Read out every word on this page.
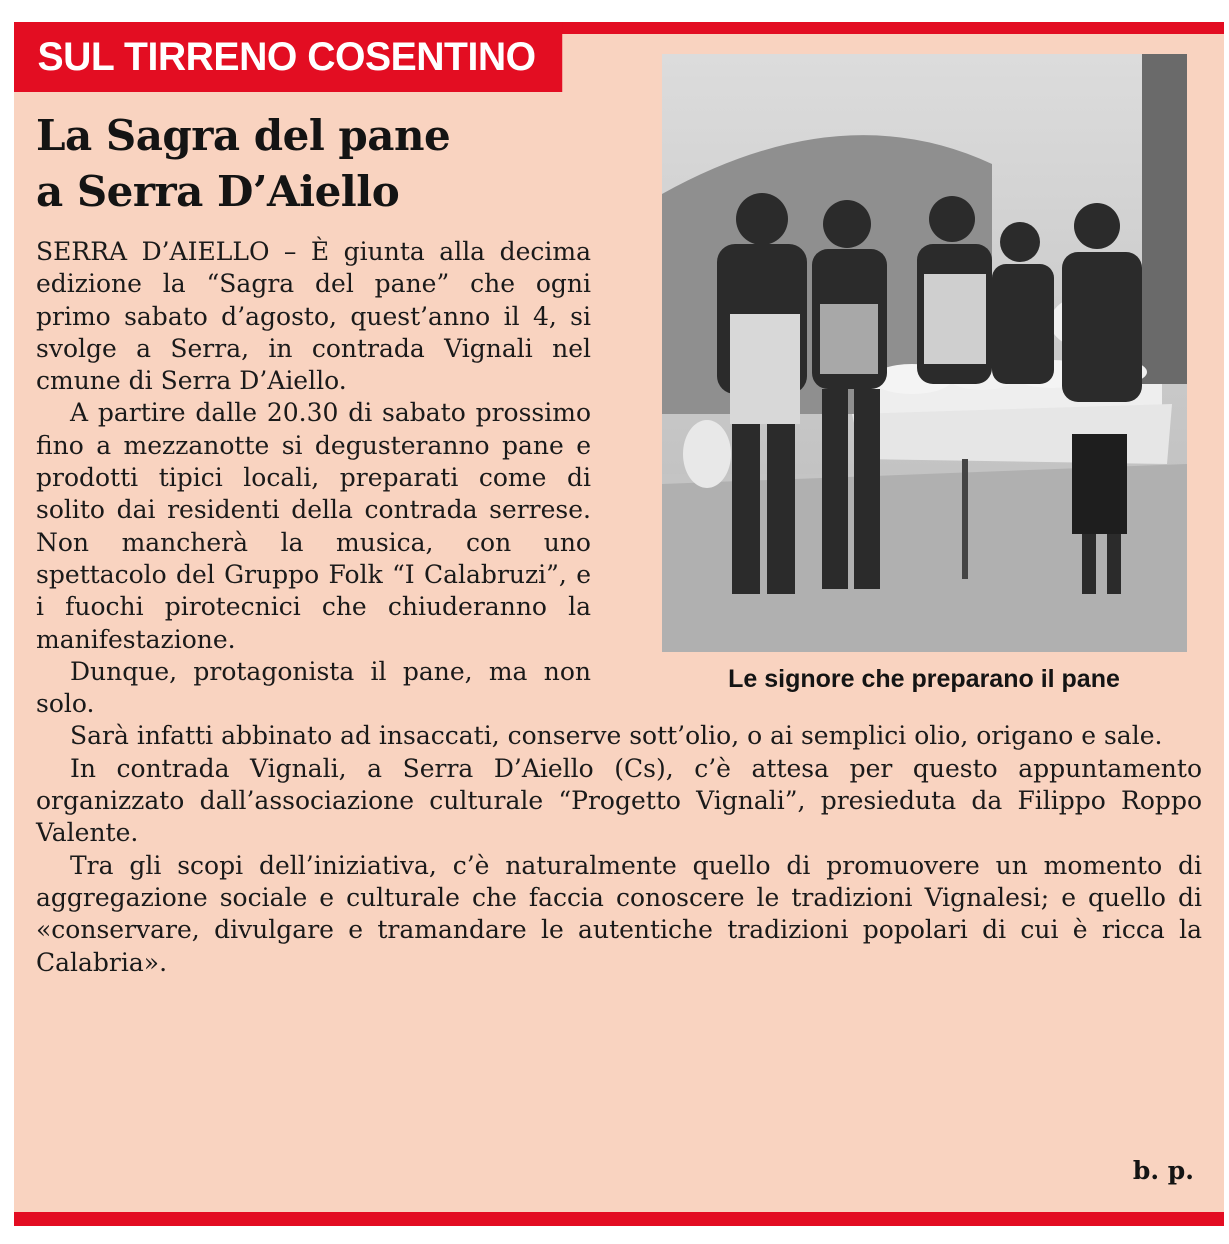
SUL TIRRENO COSENTINO
La Sagra del pane
a Serra D’Aiello
Le signore che preparano il pane

SERRA D’AIELLO – È giunta alla decima edizione la “Sagra del pane” che ogni primo sabato d’agosto, quest’anno il 4, si svolge a Serra, in contrada Vignali nel cmune di Serra D’Aiello.

A partire dalle 20.30 di sabato prossimo fino a mezzanotte si degusteranno pane e prodotti tipici locali, preparati come di solito dai residenti della contrada serrese. Non mancherà la musica, con uno spettacolo del Gruppo Folk “I Calabruzi”, e i fuochi pirotecnici che chiuderanno la manifestazione.

Dunque, protagonista il pane, ma non solo.

Sarà infatti abbinato ad insaccati, conserve sott’olio, o ai semplici olio, origano e sale.

In contrada Vignali, a Serra D’Aiello (Cs), c’è attesa per questo appuntamento organizzato dall’associazione culturale “Progetto Vignali”, presieduta da Filippo Roppo Valente.

Tra gli scopi dell’iniziativa, c’è naturalmente quello di promuovere un momento di aggregazione sociale e culturale che faccia conoscere le tradizioni Vignalesi; e quello di «conservare, divulgare e tramandare le autentiche tradizioni popolari di cui è ricca la Calabria».

b. p.
